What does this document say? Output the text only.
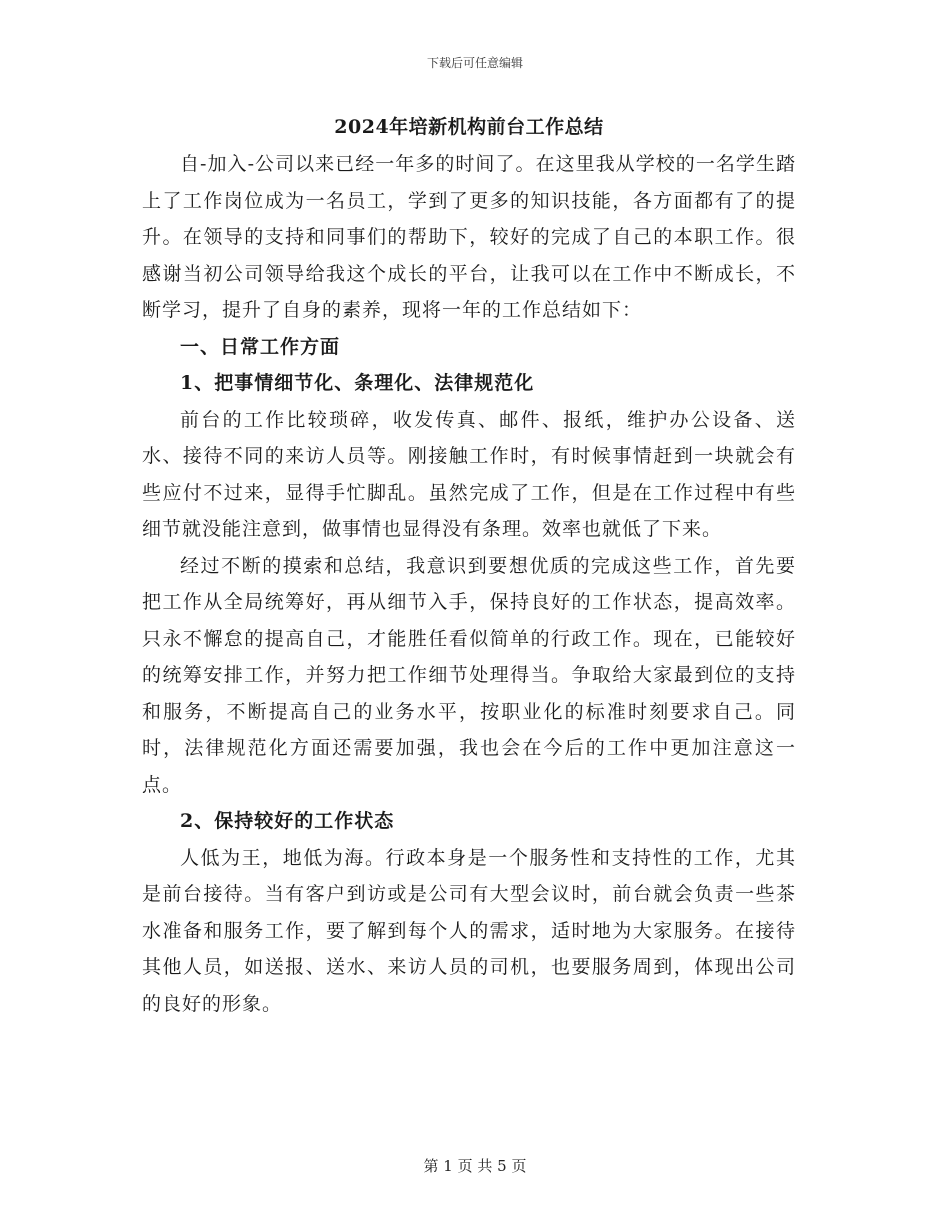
下载后可任意编辑
2024年培新机构前台工作总结

自-加入-公司以来已经一年多的时间了。在这里我从学校的一名学生踏上了工作岗位成为一名员工，学到了更多的知识技能，各方面都有了的提升。在领导的支持和同事们的帮助下，较好的完成了自己的本职工作。很感谢当初公司领导给我这个成长的平台，让我可以在工作中不断成长，不断学习，提升了自身的素养，现将一年的工作总结如下：

一、日常工作方面

1、把事情细节化、条理化、法律规范化

前台的工作比较琐碎，收发传真、邮件、报纸，维护办公设备、送水、接待不同的来访人员等。刚接触工作时，有时候事情赶到一块就会有些应付不过来，显得手忙脚乱。虽然完成了工作，但是在工作过程中有些细节就没能注意到，做事情也显得没有条理。效率也就低了下来。

经过不断的摸索和总结，我意识到要想优质的完成这些工作，首先要把工作从全局统筹好，再从细节入手，保持良好的工作状态，提高效率。只永不懈怠的提高自己，才能胜任看似简单的行政工作。现在，已能较好的统筹安排工作，并努力把工作细节处理得当。争取给大家最到位的支持和服务，不断提高自己的业务水平，按职业化的标准时刻要求自己。同时，法律规范化方面还需要加强，我也会在今后的工作中更加注意这一点。

2、保持较好的工作状态

人低为王，地低为海。行政本身是一个服务性和支持性的工作，尤其是前台接待。当有客户到访或是公司有大型会议时，前台就会负责一些茶水准备和服务工作，要了解到每个人的需求，适时地为大家服务。在接待其他人员，如送报、送水、来访人员的司机，也要服务周到，体现出公司的良好的形象。

第 1 页 共 5 页
